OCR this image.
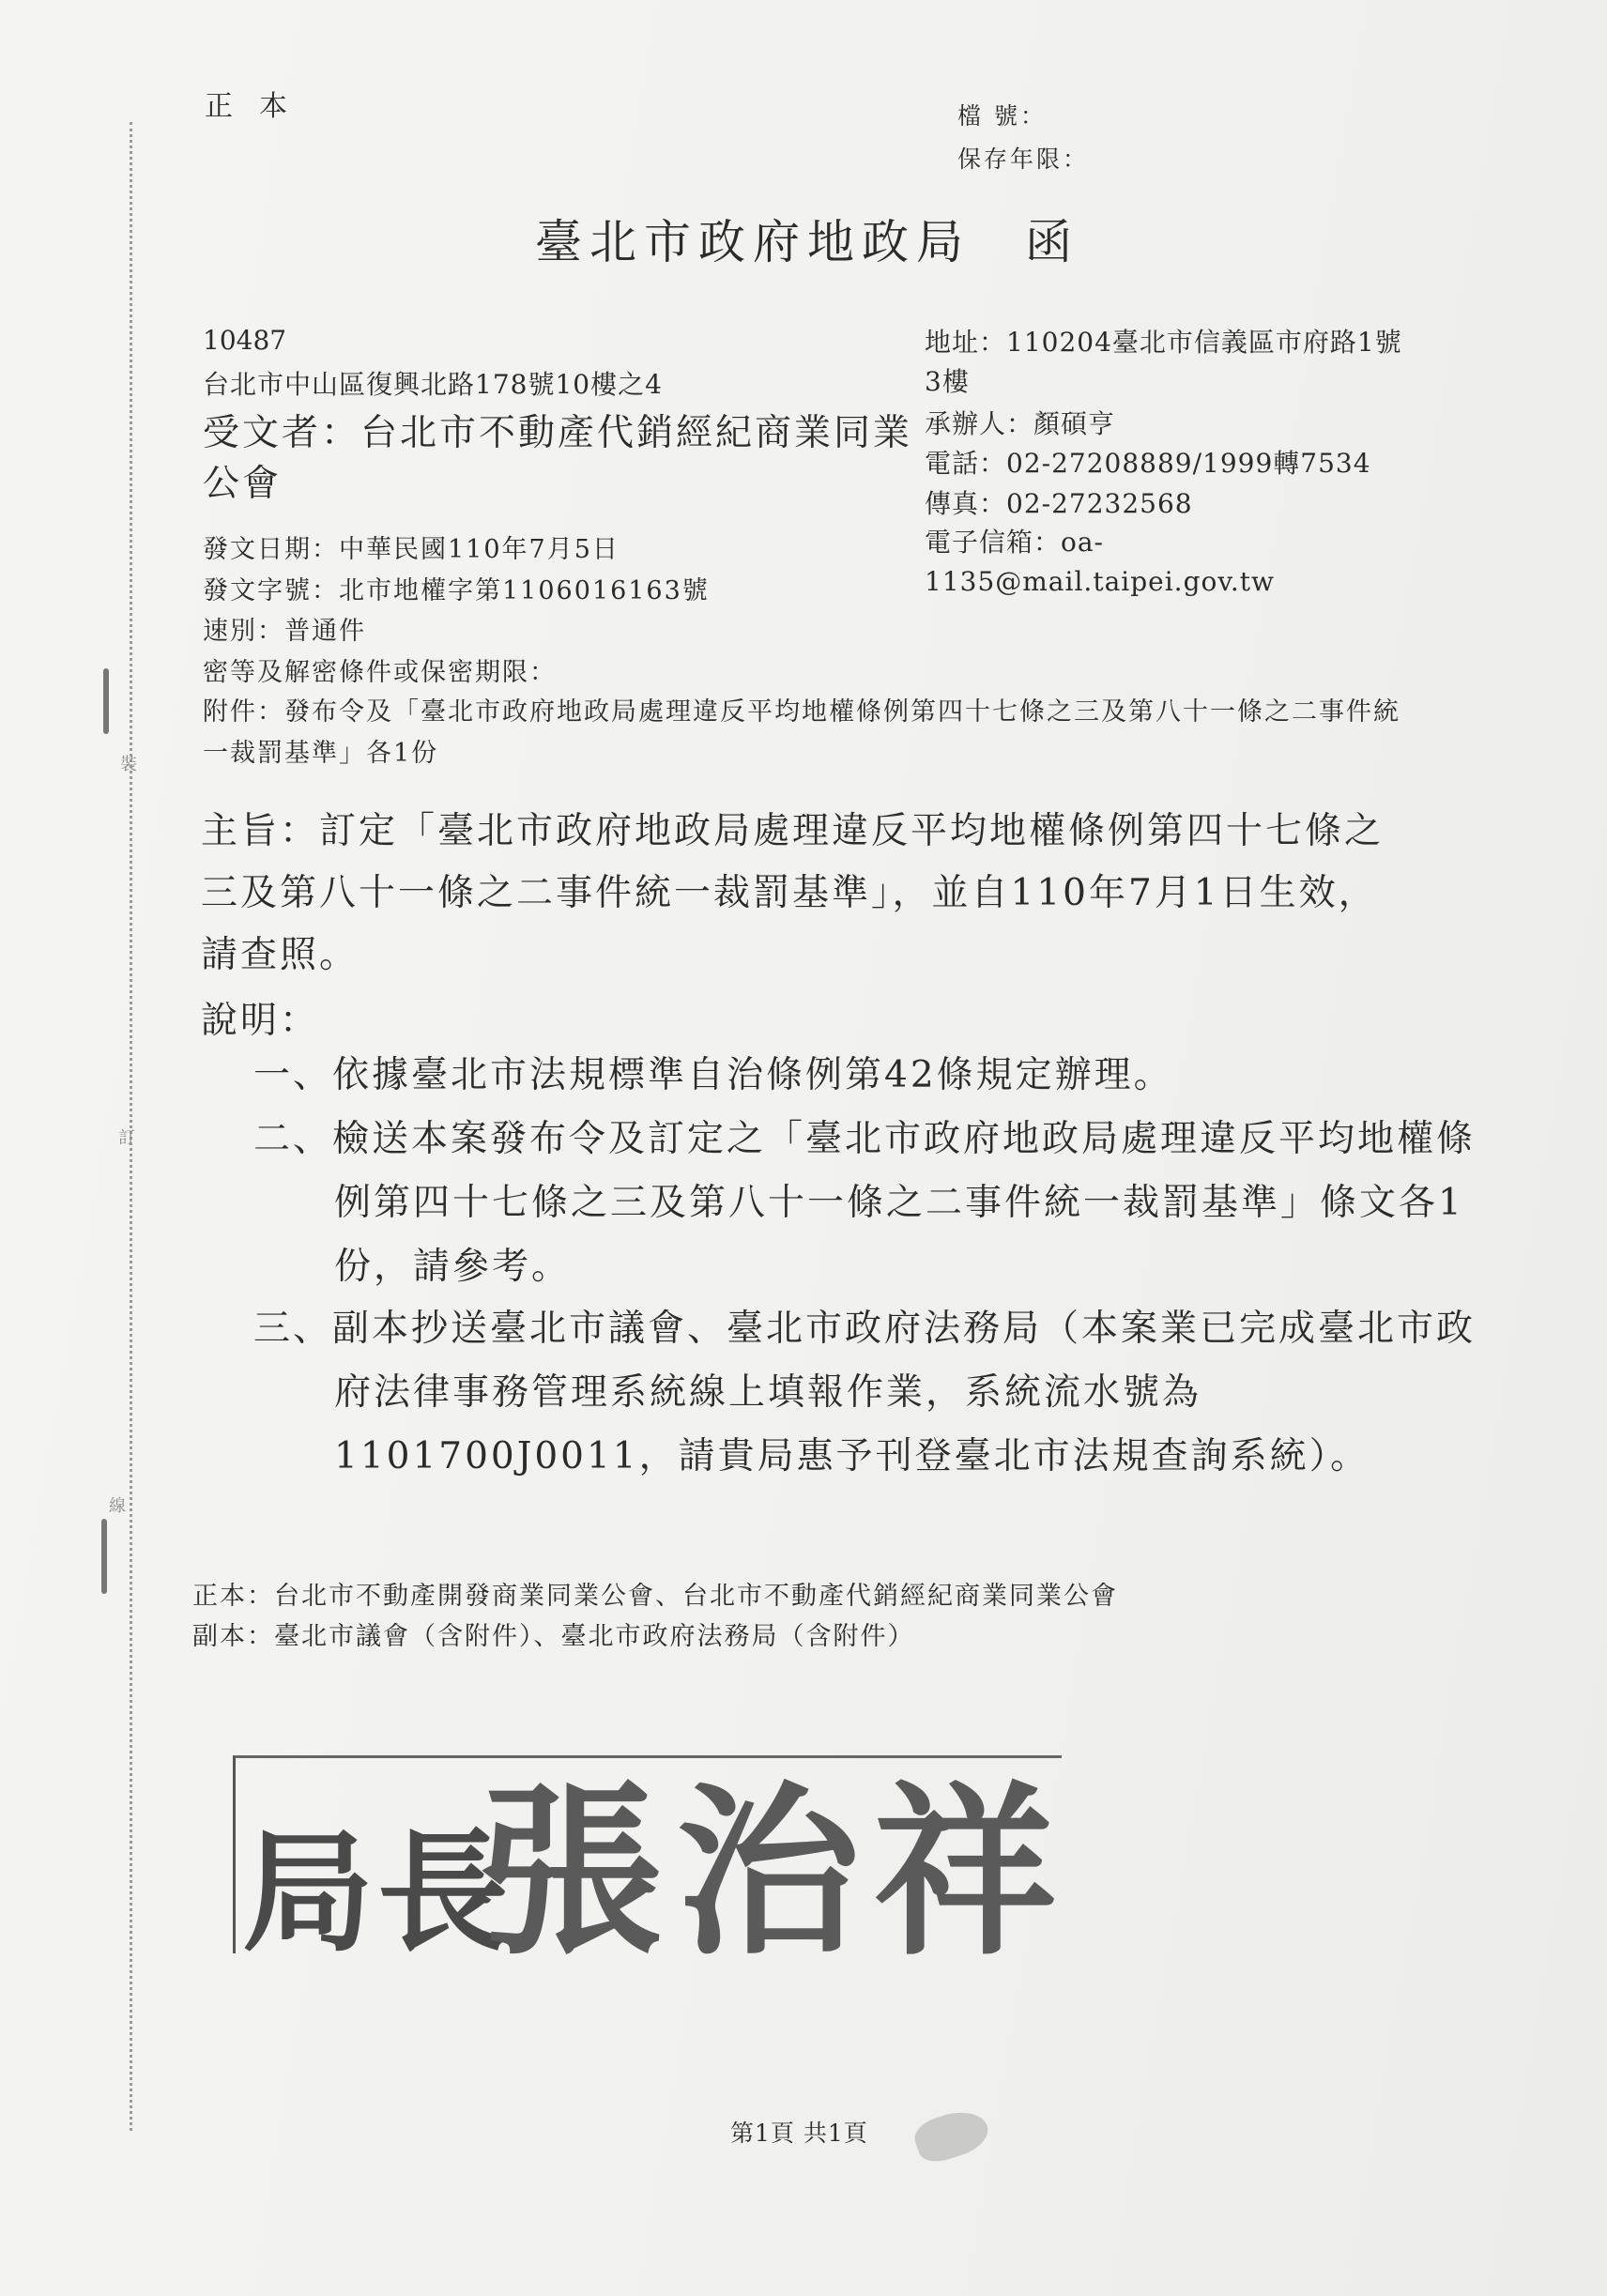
裝
訂
線
正本	檔 號：
保存年限：
臺北市政府地政局　函
10487
台北市中山區復興北路178號10樓之4
受文者：台北市不動產代銷經紀商業同業公會
地址：110204臺北市信義區市府路1號3樓
承辦人：顏碩亨
電話：02-27208889/1999轉7534
傳真：02-27232568
電子信箱：oa-1135@mail.taipei.gov.tw
發文日期：中華民國110年7月5日
發文字號：北市地權字第1106016163號
速別：普通件
密等及解密條件或保密期限：
附件：發布令及「臺北市政府地政局處理違反平均地權條例第四十七條之三及第八十一條之二事件統一裁罰基準」各1份
主旨：訂定「臺北市政府地政局處理違反平均地權條例第四十七條之三及第八十一條之二事件統一裁罰基準」，並自110年7月1日生效，請查照。
說明：
一、依據臺北市法規標準自治條例第42條規定辦理。
二、檢送本案發布令及訂定之「臺北市政府地政局處理違反平均地權條例第四十七條之三及第八十一條之二事件統一裁罰基準」條文各1份，請參考。
三、副本抄送臺北市議會、臺北市政府法務局（本案業已完成臺北市政府法律事務管理系統線上填報作業，系統流水號為1101700J0011，請貴局惠予刊登臺北市法規查詢系統）。
正本：台北市不動產開發商業同業公會、台北市不動產代銷經紀商業同業公會
副本：臺北市議會（含附件）、臺北市政府法務局（含附件）
局長
張治祥
第1頁 共1頁
